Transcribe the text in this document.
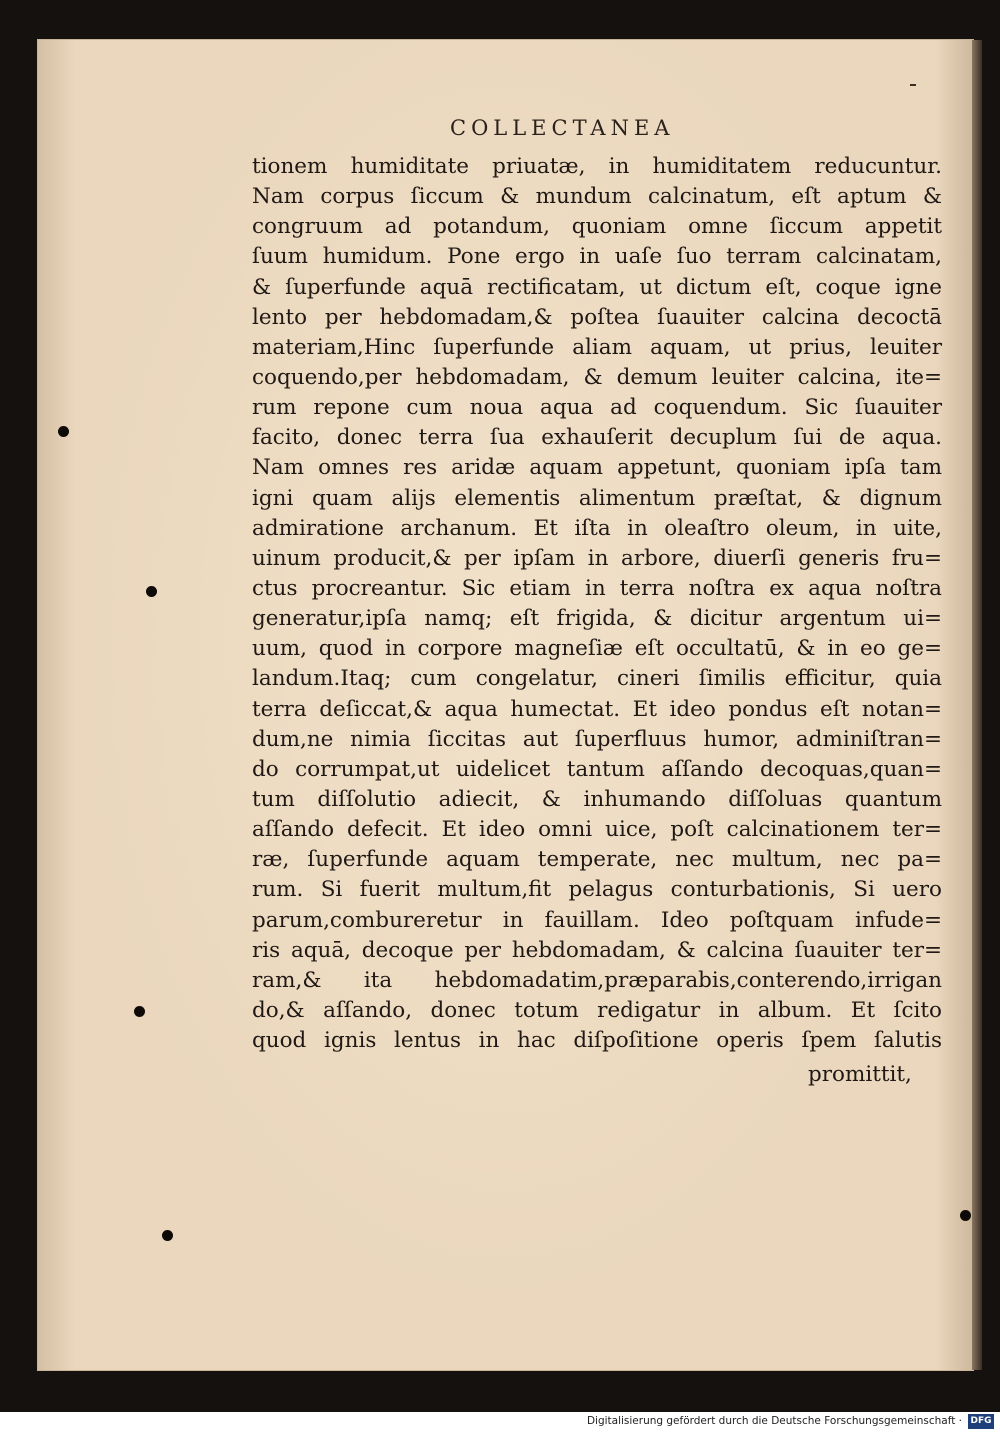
COLLECTANEA
tionem humiditate priuatæ, in humiditatem reducuntur.
Nam corpus ſiccum & mundum calcinatum, eſt aptum &
congruum ad potandum, quoniam omne ſiccum appetit
ſuum humidum. Pone ergo in uaſe ſuo terram calcinatam,
& ſuperfunde aquā rectificatam, ut dictum eſt, coque igne
lento per hebdomadam,& poſtea ſuauiter calcina decoctā
materiam,Hinc ſuperfunde aliam aquam, ut prius, leuiter
coquendo,per hebdomadam, & demum leuiter calcina, ite=
rum repone cum noua aqua ad coquendum. Sic ſuauiter
facito, donec terra ſua exhauſerit decuplum ſui de aqua.
Nam omnes res aridæ aquam appetunt, quoniam ipſa tam
igni quam alijs elementis alimentum præſtat, & dignum
admiratione archanum. Et iſta in oleaſtro oleum, in uite,
uinum producit,& per ipſam in arbore, diuerſi generis fru=
ctus procreantur. Sic etiam in terra noſtra ex aqua noſtra
generatur,ipſa namq; eſt frigida, & dicitur argentum ui=
uum, quod in corpore magneſiæ eſt occultatū, & in eo ge=
landum.Itaq; cum congelatur, cineri ſimilis efficitur, quia
terra deſiccat,& aqua humectat. Et ideo pondus eſt notan=
dum,ne nimia ſiccitas aut ſuperfluus humor, adminiſtran=
do corrumpat,ut uidelicet tantum aſſando decoquas,quan=
tum diſſolutio adiecit, & inhumando diſſoluas quantum
aſſando defecit. Et ideo omni uice, poſt calcinationem ter=
ræ, ſuperfunde aquam temperate, nec multum, nec pa=
rum. Si fuerit multum,fit pelagus conturbationis, Si uero
parum,combureretur in fauillam. Ideo poſtquam infude=
ris aquā, decoque per hebdomadam, & calcina ſuauiter ter=
ram,& ita hebdomadatim,præparabis,conterendo,irrigan
do,& aſſando, donec totum redigatur in album. Et ſcito
quod ignis lentus in hac diſpoſitione operis ſpem ſalutis
promittit,
Digitalisierung gefördert durch die Deutsche Forschungsgemeinschaft · DFG
